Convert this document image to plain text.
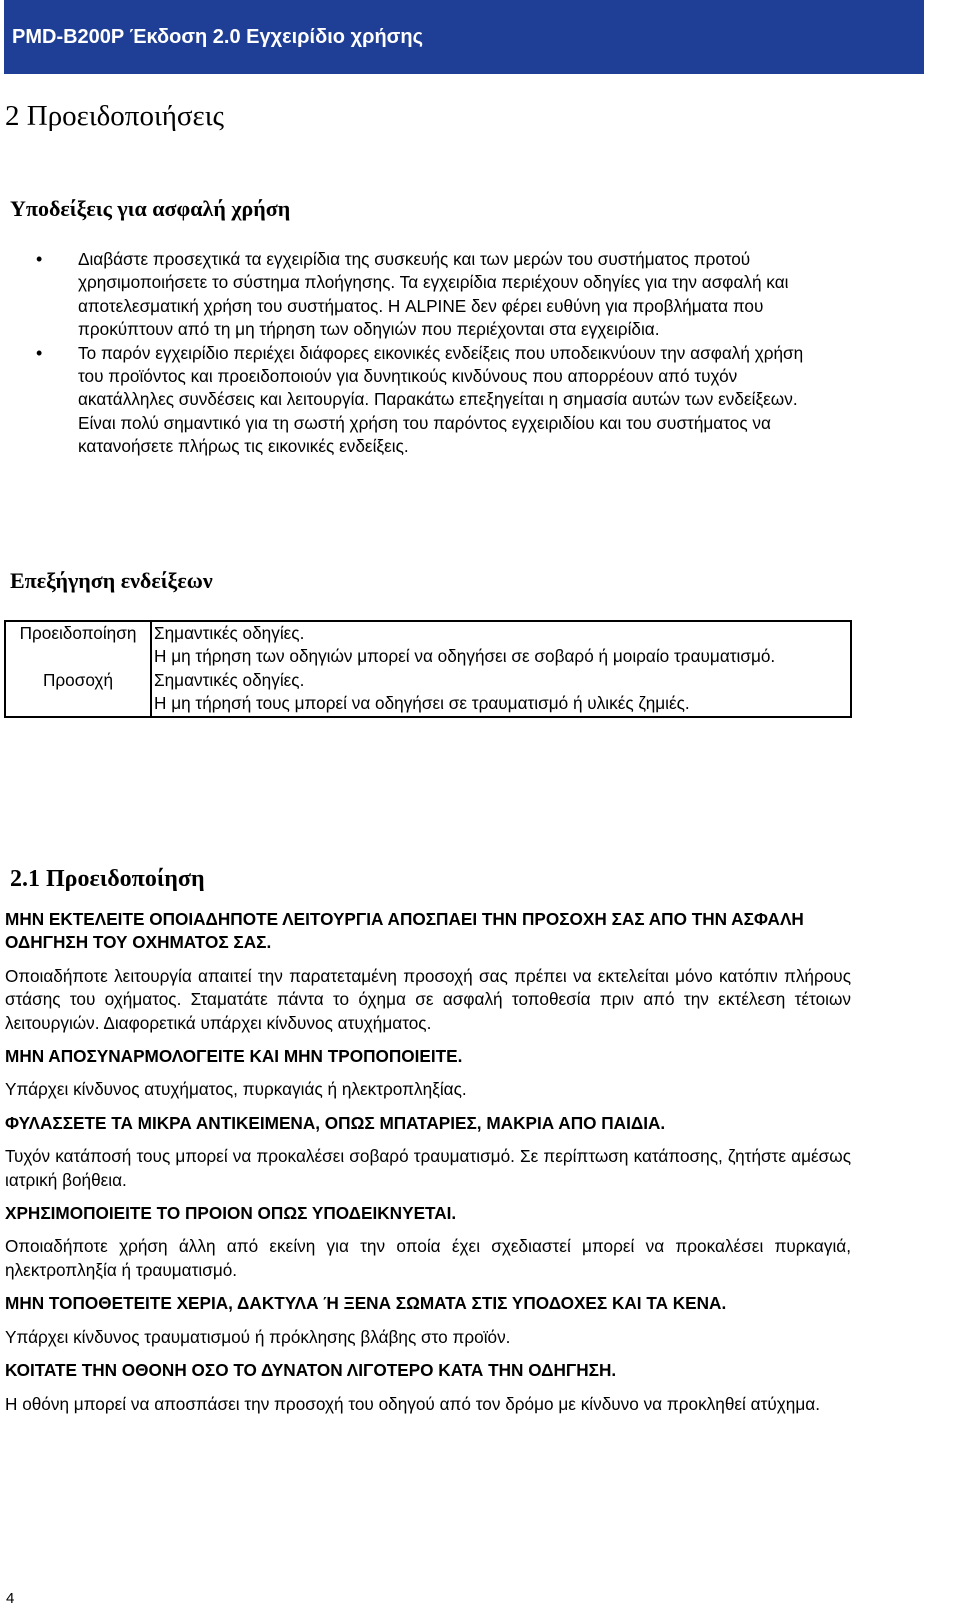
PMD-B200P Έκδοση 2.0 Εγχειρίδιο χρήσης
2 Προειδοποιήσεις
Υποδείξεις για ασφαλή χρήση
• Διαβάστε προσεχτικά τα εγχειρίδια της συσκευής και των μερών του συστήματος προτού χρησιμοποιήσετε το σύστημα πλοήγησης. Τα εγχειρίδια περιέχουν οδηγίες για την ασφαλή και αποτελεσματική χρήση του συστήματος. Η ALPINE δεν φέρει ευθύνη για προβλήματα που προκύπτουν από τη μη τήρηση των οδηγιών που περιέχονται στα εγχειρίδια.
• Το παρόν εγχειρίδιο περιέχει διάφορες εικονικές ενδείξεις που υποδεικνύουν την ασφαλή χρήση του προϊόντος και προειδοποιούν για δυνητικούς κινδύνους που απορρέουν από τυχόν ακατάλληλες συνδέσεις και λειτουργία. Παρακάτω επεξηγείται η σημασία αυτών των ενδείξεων. Είναι πολύ σημαντικό για τη σωστή χρήση του παρόντος εγχειριδίου και του συστήματος να κατανοήσετε πλήρως τις εικονικές ενδείξεις.
Επεξήγηση ενδείξεων
Προειδοποίηση	Σημαντικές οδηγίες.
Η μη τήρηση των οδηγιών μπορεί να οδηγήσει σε σοβαρό ή μοιραίο τραυματισμό.

Προσοχή	Σημαντικές οδηγίες.
Η μη τήρησή τους μπορεί να οδηγήσει σε τραυματισμό ή υλικές ζημιές.
2.1 Προειδοποίηση
ΜΗΝ ΕΚΤΕΛΕΙΤΕ ΟΠΟΙΑΔΗΠΟΤΕ ΛΕΙΤΟΥΡΓΙΑ ΑΠΟΣΠΑΕΙ ΤΗΝ ΠΡΟΣΟΧΗ ΣΑΣ ΑΠΟ ΤΗΝ ΑΣΦΑΛΗ ΟΔΗΓΗΣΗ ΤΟΥ ΟΧΗΜΑΤΟΣ ΣΑΣ.
Οποιαδήποτε λειτουργία απαιτεί την παρατεταμένη προσοχή σας πρέπει να εκτελείται μόνο κατόπιν πλήρους στάσης του οχήματος. Σταματάτε πάντα το όχημα σε ασφαλή τοποθεσία πριν από την εκτέλεση τέτοιων λειτουργιών. Διαφορετικά υπάρχει κίνδυνος ατυχήματος.
ΜΗΝ ΑΠΟΣΥΝΑΡΜΟΛΟΓΕΙΤΕ ΚΑΙ ΜΗΝ ΤΡΟΠΟΠΟΙΕΙΤΕ.
Υπάρχει κίνδυνος ατυχήματος, πυρκαγιάς ή ηλεκτροπληξίας.
ΦΥΛΑΣΣΕΤΕ ΤΑ ΜΙΚΡΑ ΑΝΤΙΚΕΙΜΕΝΑ, ΟΠΩΣ ΜΠΑΤΑΡΙΕΣ, ΜΑΚΡΙΑ ΑΠΟ ΠΑΙΔΙΑ.
Τυχόν κατάποσή τους μπορεί να προκαλέσει σοβαρό τραυματισμό. Σε περίπτωση κατάποσης, ζητήστε αμέσως ιατρική βοήθεια.
ΧΡΗΣΙΜΟΠΟΙΕΙΤΕ ΤΟ ΠΡΟΙΟΝ ΟΠΩΣ ΥΠΟΔΕΙΚΝΥΕΤΑΙ.
Οποιαδήποτε χρήση άλλη από εκείνη για την οποία έχει σχεδιαστεί μπορεί να προκαλέσει πυρκαγιά, ηλεκτροπληξία ή τραυματισμό.
ΜΗΝ ΤΟΠΟΘΕΤΕΙΤΕ ΧΕΡΙΑ, ΔΑΚΤΥΛΑ Ή ΞΕΝΑ ΣΩΜΑΤΑ ΣΤΙΣ ΥΠΟΔΟΧΕΣ ΚΑΙ ΤΑ ΚΕΝΑ.
Υπάρχει κίνδυνος τραυματισμού ή πρόκλησης βλάβης στο προϊόν.
ΚΟΙΤΑΤΕ ΤΗΝ ΟΘΟΝΗ ΟΣΟ ΤΟ ΔΥΝΑΤΟΝ ΛΙΓΟΤΕΡΟ ΚΑΤΑ ΤΗΝ ΟΔΗΓΗΣΗ.
Η οθόνη μπορεί να αποσπάσει την προσοχή του οδηγού από τον δρόμο με κίνδυνο να προκληθεί ατύχημα.
4
